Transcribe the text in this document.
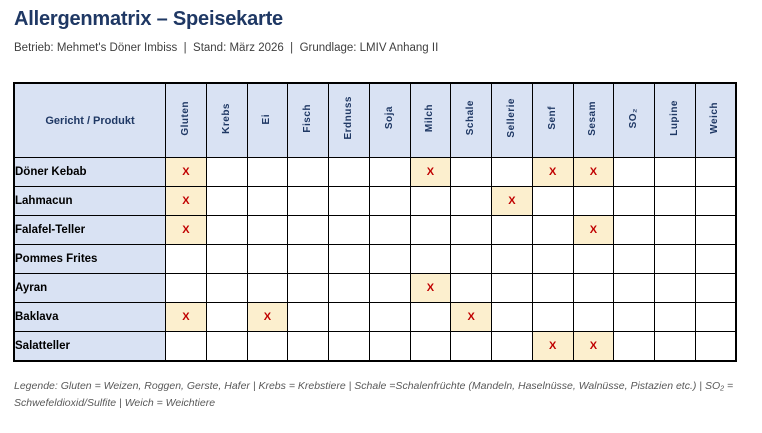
Allergenmatrix – Speisekarte
Betrieb: Mehmet's Döner Imbiss  |  Stand: März 2026  |  Grundlage: LMIV Anhang II
Gericht / Produkt	Gluten	Krebs	Ei	Fisch	Erdnuss	Soja	Milch	Schale	Sellerie	Senf	Sesam	SO₂	Lupine	Weich
Döner Kebab	X						X			X	X			
Lahmacun	X								X					
Falafel-Teller	X										X			
Pommes Frites														
Ayran							X							
Baklava	X		X					X						
Salatteller										X	X			
Legende: Gluten = Weizen, Roggen, Gerste, Hafer | Krebs = Krebstiere | Schale =Schalenfrüchte (Mandeln, Haselnüsse, Walnüsse, Pistazien etc.) | SO₂ = Schwefeldioxid/Sulfite | Weich = Weichtiere
